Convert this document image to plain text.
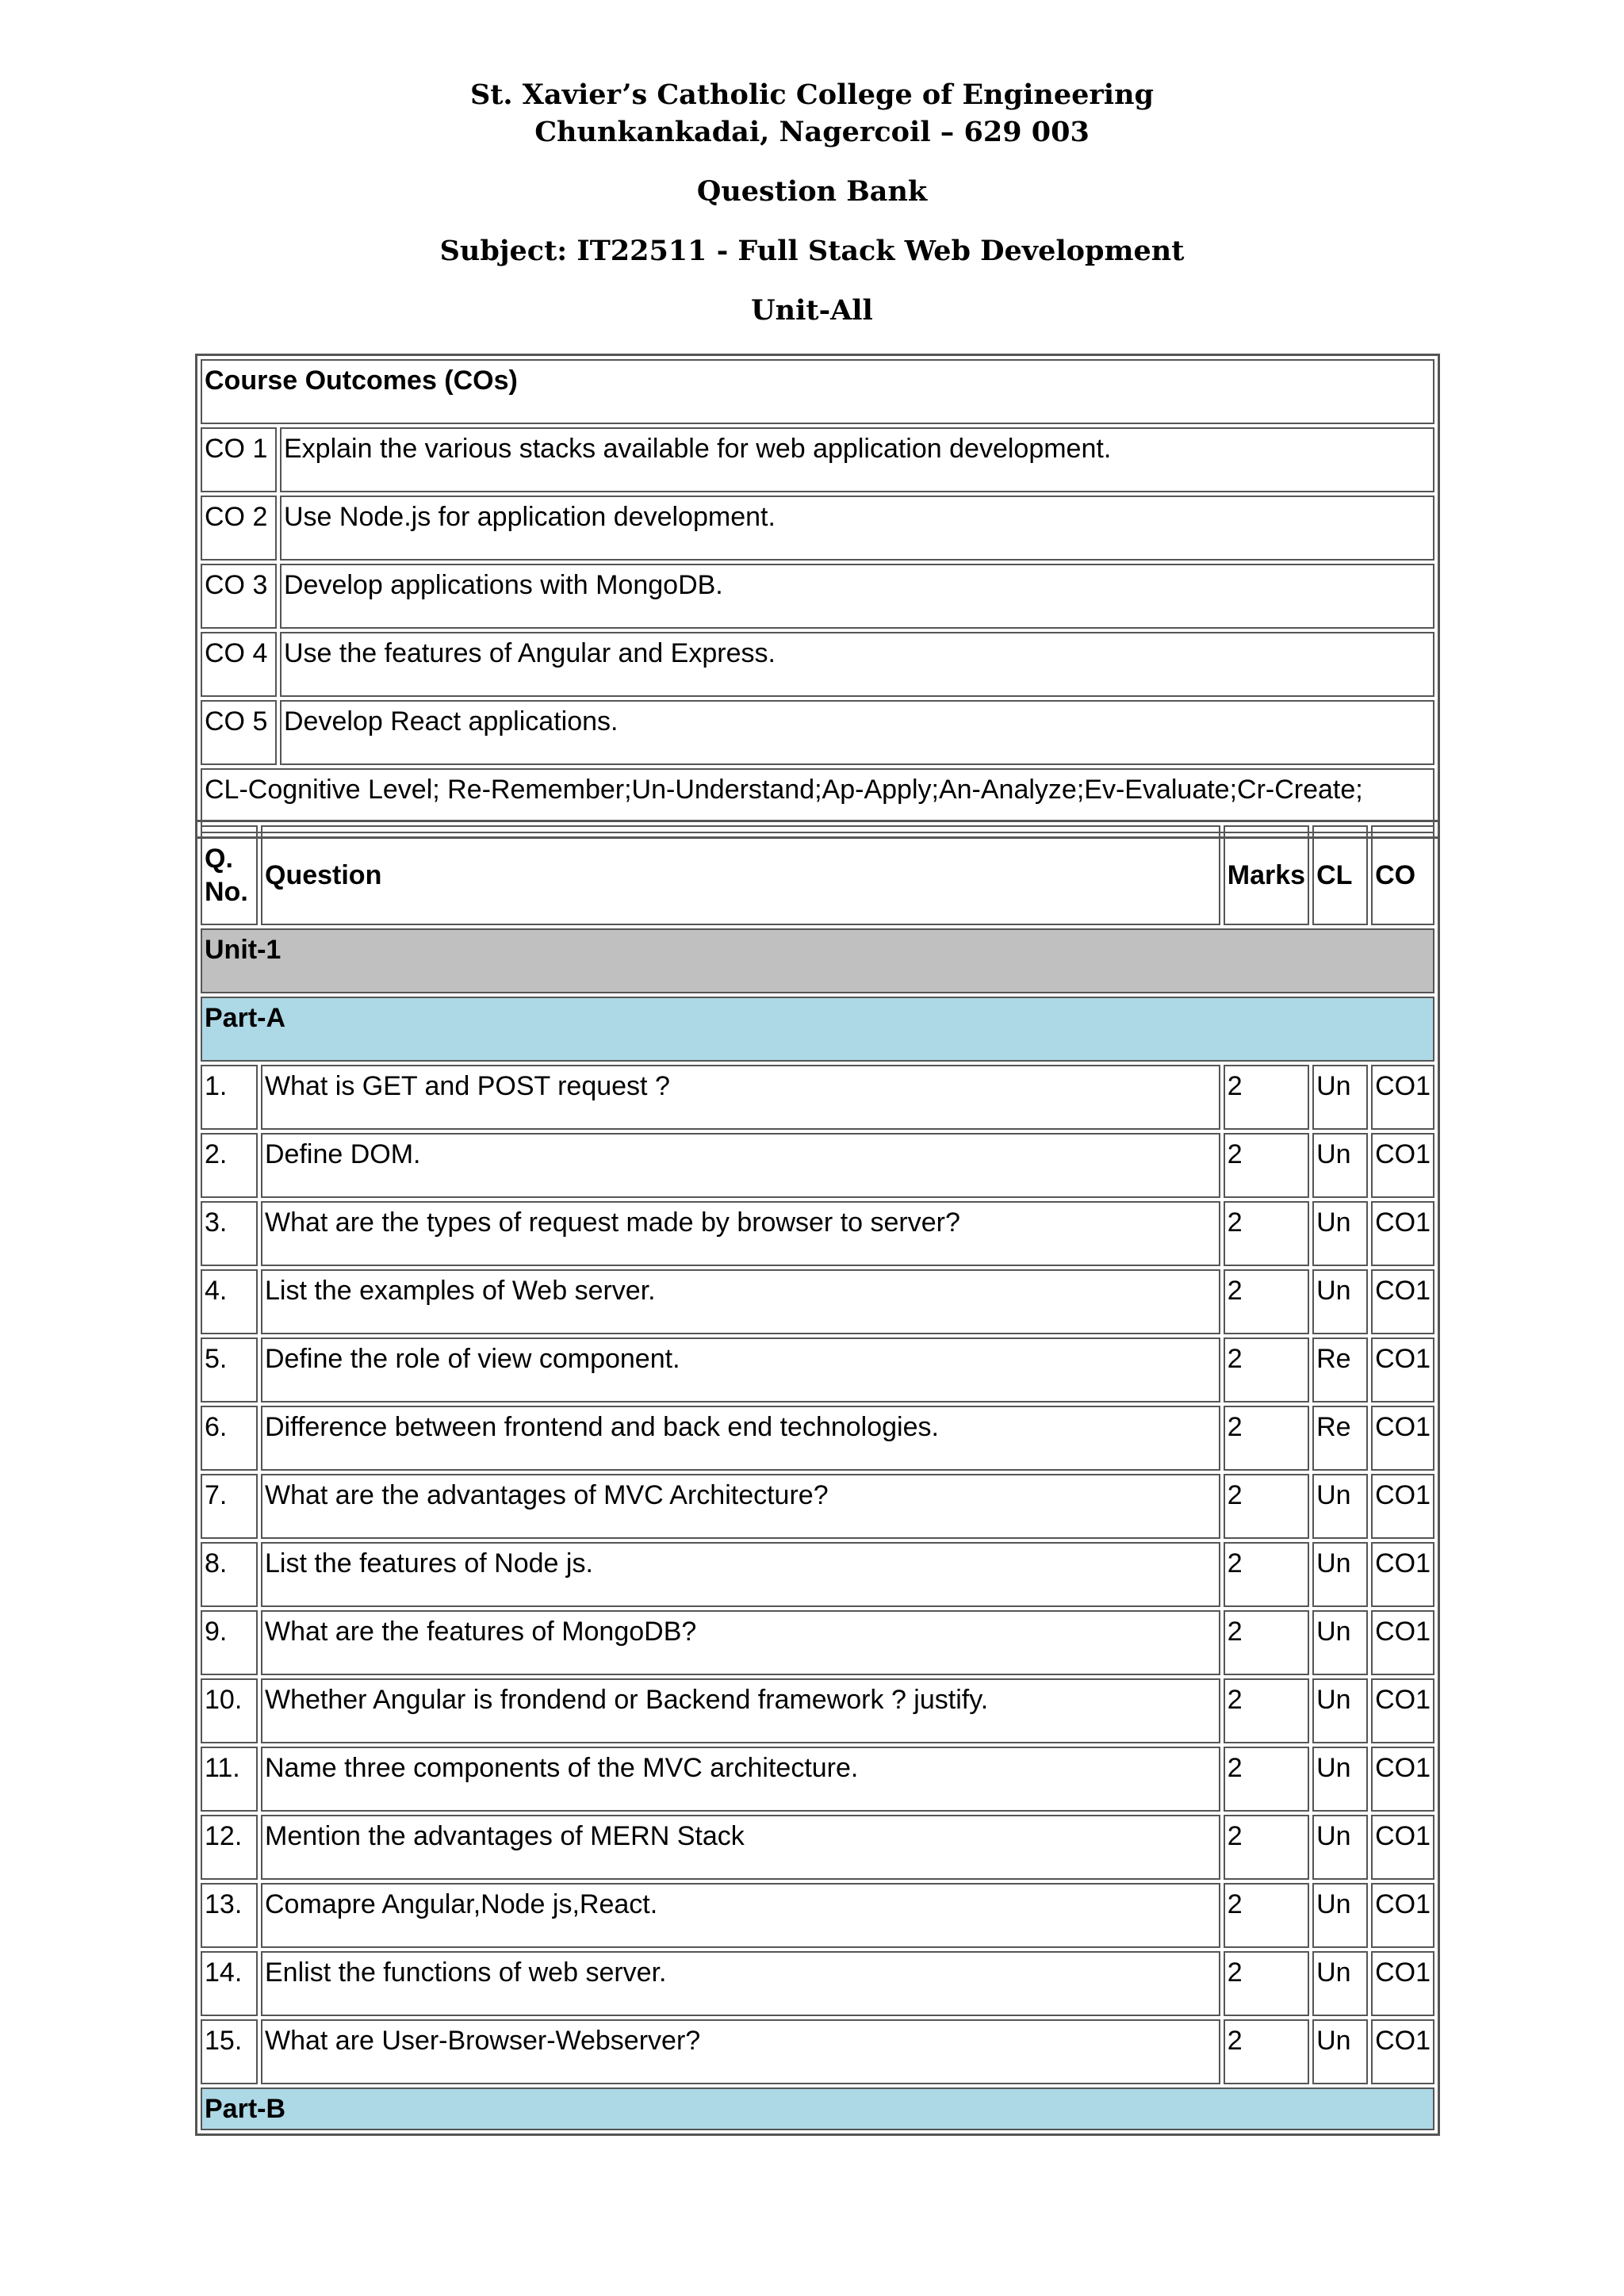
St. Xavier’s Catholic College of Engineering
Chunkankadai, Nagercoil – 629 003
Question Bank
Subject: IT22511 - Full Stack Web Development
Unit-All
Course Outcomes (COs)	
CO 1	Explain the various stacks available for web application development.
CO 2	Use Node.js for application development.
CO 3	Develop applications with MongoDB.
CO 4	Use the features of Angular and Express.
CO 5	Develop React applications.
CL-Cognitive Level; Re-Remember;Un-Understand;Ap-Apply;An-Analyze;Ev-Evaluate;Cr-Create;	
Q. No.	Question	Marks	CL	CO
Unit-1				
Part-A				
1.	What is GET and POST request ?	2	Un	CO1
2.	Define DOM.	2	Un	CO1
3.	What are the types of request made by browser to server?	2	Un	CO1
4.	List the examples of Web server.	2	Un	CO1
5.	Define the role of view component.	2	Re	CO1
6.	Difference between frontend and back end technologies.	2	Re	CO1
7.	What are the advantages of MVC Architecture?	2	Un	CO1
8.	List the features of Node js.	2	Un	CO1
9.	What are the features of MongoDB?	2	Un	CO1
10.	Whether Angular is frondend or Backend framework ? justify.	2	Un	CO1
11.	Name three components of the MVC architecture.	2	Un	CO1
12.	Mention the advantages of MERN Stack	2	Un	CO1
13.	Comapre Angular,Node js,React.	2	Un	CO1
14.	Enlist the functions of web server.	2	Un	CO1
15.	What are User-Browser-Webserver?	2	Un	CO1
Part-B				
